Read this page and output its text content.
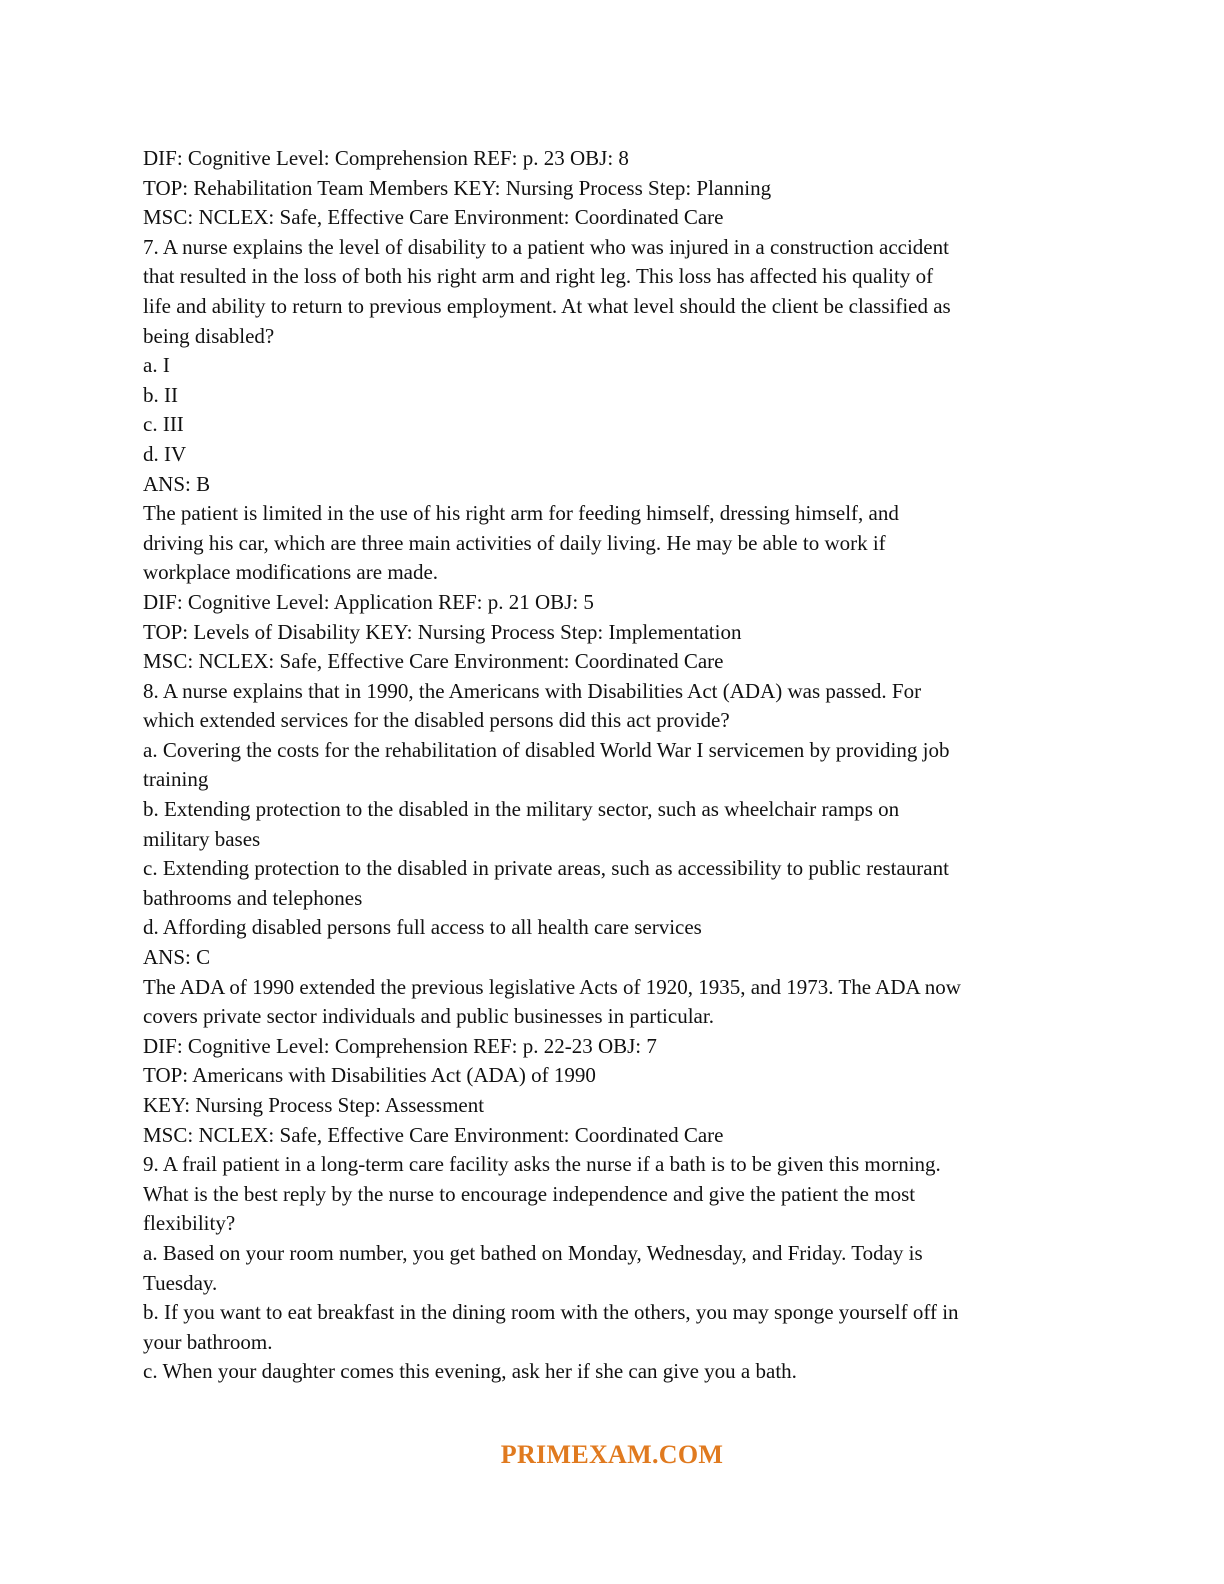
DIF: Cognitive Level: Comprehension REF: p. 23 OBJ: 8

TOP: Rehabilitation Team Members KEY: Nursing Process Step: Planning

MSC: NCLEX: Safe, Effective Care Environment: Coordinated Care

7. A nurse explains the level of disability to a patient who was injured in a construction accident

that resulted in the loss of both his right arm and right leg. This loss has affected his quality of

life and ability to return to previous employment. At what level should the client be classified as

being disabled?

a. I

b. II

c. III

d. IV

ANS: B

The patient is limited in the use of his right arm for feeding himself, dressing himself, and

driving his car, which are three main activities of daily living. He may be able to work if

workplace modifications are made.

DIF: Cognitive Level: Application REF: p. 21 OBJ: 5

TOP: Levels of Disability KEY: Nursing Process Step: Implementation

MSC: NCLEX: Safe, Effective Care Environment: Coordinated Care

8. A nurse explains that in 1990, the Americans with Disabilities Act (ADA) was passed. For

which extended services for the disabled persons did this act provide?

a. Covering the costs for the rehabilitation of disabled World War I servicemen by providing job

training

b. Extending protection to the disabled in the military sector, such as wheelchair ramps on

military bases

c. Extending protection to the disabled in private areas, such as accessibility to public restaurant

bathrooms and telephones

d. Affording disabled persons full access to all health care services

ANS: C

The ADA of 1990 extended the previous legislative Acts of 1920, 1935, and 1973. The ADA now

covers private sector individuals and public businesses in particular.

DIF: Cognitive Level: Comprehension REF: p. 22-23 OBJ: 7

TOP: Americans with Disabilities Act (ADA) of 1990

KEY: Nursing Process Step: Assessment

MSC: NCLEX: Safe, Effective Care Environment: Coordinated Care

9. A frail patient in a long-term care facility asks the nurse if a bath is to be given this morning.

What is the best reply by the nurse to encourage independence and give the patient the most

flexibility?

a. Based on your room number, you get bathed on Monday, Wednesday, and Friday. Today is

Tuesday.

b. If you want to eat breakfast in the dining room with the others, you may sponge yourself off in

your bathroom.

c. When your daughter comes this evening, ask her if she can give you a bath.

PRIMEXAM.COM
